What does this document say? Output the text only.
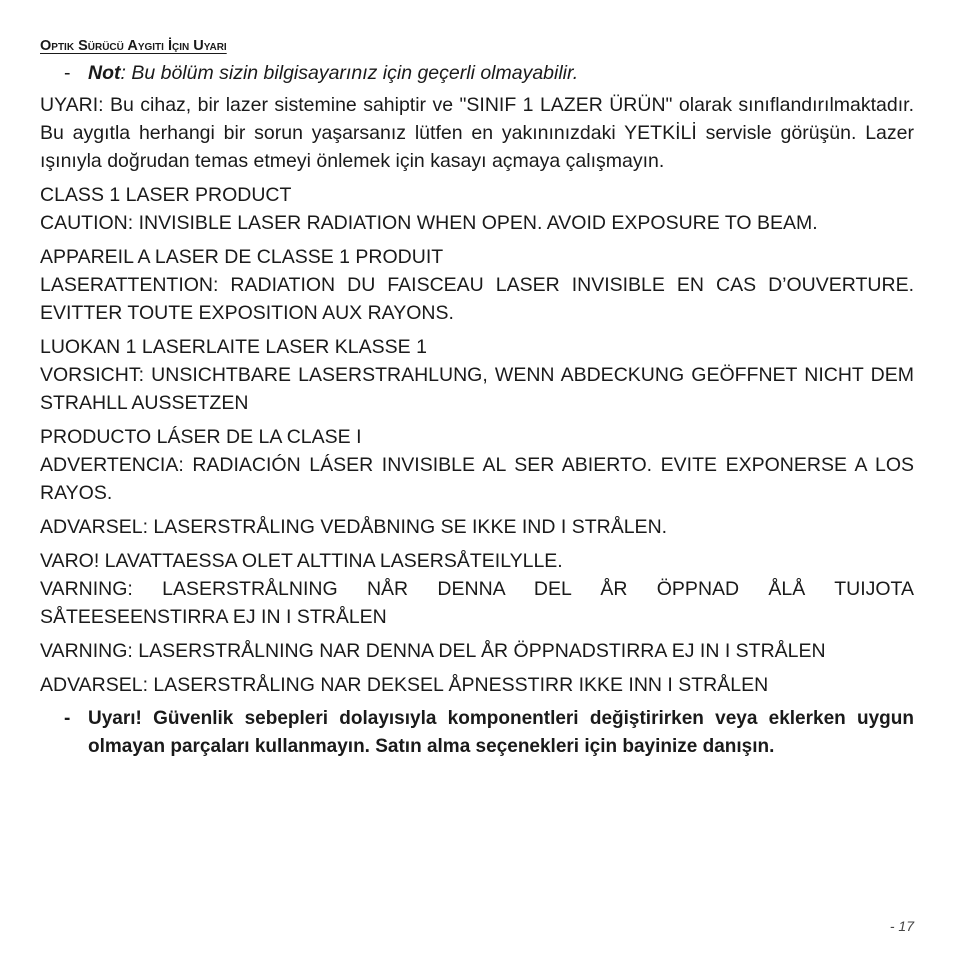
Optik Sürücü Aygıtı İçin Uyarı
- Not: Bu bölüm sizin bilgisayarınız için geçerli olmayabilir.
UYARI: Bu cihaz, bir lazer sistemine sahiptir ve "SINIF 1 LAZER ÜRÜN" olarak sınıflandırılmaktadır. Bu aygıtla herhangi bir sorun yaşarsanız lütfen en yakınınızdaki YETKİLİ servisle görüşün. Lazer ışınıyla doğrudan temas etmeyi önlemek için kasayı açmaya çalışmayın.
CLASS 1 LASER PRODUCT
CAUTION: INVISIBLE LASER RADIATION WHEN OPEN. AVOID EXPOSURE TO BEAM.
APPAREIL A LASER DE CLASSE 1 PRODUIT
LASERATTENTION: RADIATION DU FAISCEAU LASER INVISIBLE EN CAS D’OUVERTURE. EVITTER TOUTE EXPOSITION AUX RAYONS.
LUOKAN 1 LASERLAITE LASER KLASSE 1
VORSICHT: UNSICHTBARE LASERSTRAHLUNG, WENN ABDECKUNG GEÖFFNET NICHT DEM STRAHLL AUSSETZEN
PRODUCTO LÁSER DE LA CLASE I
ADVERTENCIA: RADIACIÓN LÁSER INVISIBLE AL SER ABIERTO. EVITE EXPONERSE A LOS RAYOS.
ADVARSEL: LASERSTRÅLING VEDÅBNING SE IKKE IND I STRÅLEN.
VARO! LAVATTAESSA OLET ALTTINA LASERSÅTEILYLLE.
VARNING: LASERSTRÅLNING NÅR DENNA DEL ÅR ÖPPNAD ÅLÅ TUIJOTA SÅTEESEENSTIRRA EJ IN I STRÅLEN
VARNING: LASERSTRÅLNING NAR DENNA DEL ÅR ÖPPNADSTIRRA EJ IN I STRÅLEN
ADVARSEL: LASERSTRÅLING NAR DEKSEL ÅPNESSTIRR IKKE INN I STRÅLEN
- Uyarı! Güvenlik sebepleri dolayısıyla komponentleri değiştirirken veya eklerken uygun olmayan parçaları kullanmayın. Satın alma seçenekleri için bayinize danışın.
- 17
